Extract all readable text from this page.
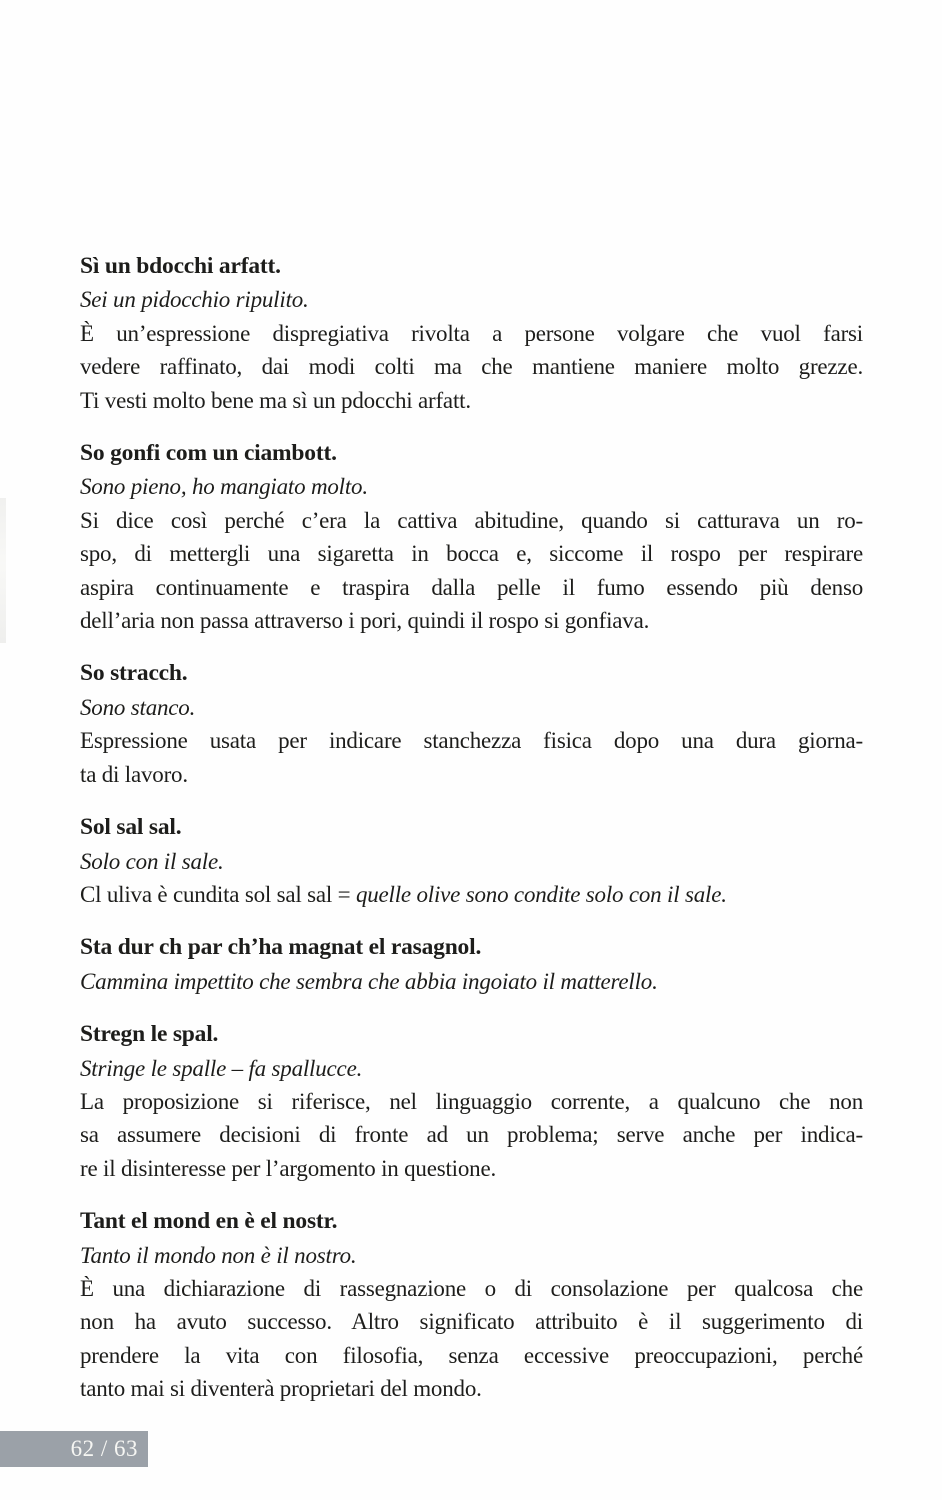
Sì un bdocchi arfatt.

Sei un pidocchio ripulito.

È un’espressione dispregiativa rivolta a persone volgare che vuol farsi
vedere raffinato, dai modi colti ma che mantiene maniere molto grezze.
Ti vesti molto bene ma sì un pdocchi arfatt.
So gonfi com un ciambott.

Sono pieno, ho mangiato molto.

Si dice così perché c’era la cattiva abitudine, quando si catturava un ro-
spo, di mettergli una sigaretta in bocca e, siccome il rospo per respirare
aspira continuamente e traspira dalla pelle il fumo essendo più denso
dell’aria non passa attraverso i pori, quindi il rospo si gonfiava.
So stracch.

Sono stanco.

Espressione usata per indicare stanchezza fisica dopo una dura giorna-
ta di lavoro.
Sol sal sal.

Solo con il sale.

Cl uliva è cundita sol sal sal = quelle olive sono condite solo con il sale.
Sta dur ch par ch’ha magnat el rasagnol.

Cammina impettito che sembra che abbia ingoiato il matterello.

Stregn le spal.

Stringe le spalle – fa spallucce.

La proposizione si riferisce, nel linguaggio corrente, a qualcuno che non
sa assumere decisioni di fronte ad un problema; serve anche per indica-
re il disinteresse per l’argomento in questione.
Tant el mond en è el nostr.

Tanto il mondo non è il nostro.

È una dichiarazione di rassegnazione o di consolazione per qualcosa che
non ha avuto successo. Altro significato attribuito è il suggerimento di
prendere la vita con filosofia, senza eccessive preoccupazioni, perché
tanto mai si diventerà proprietari del mondo.
62 / 63
